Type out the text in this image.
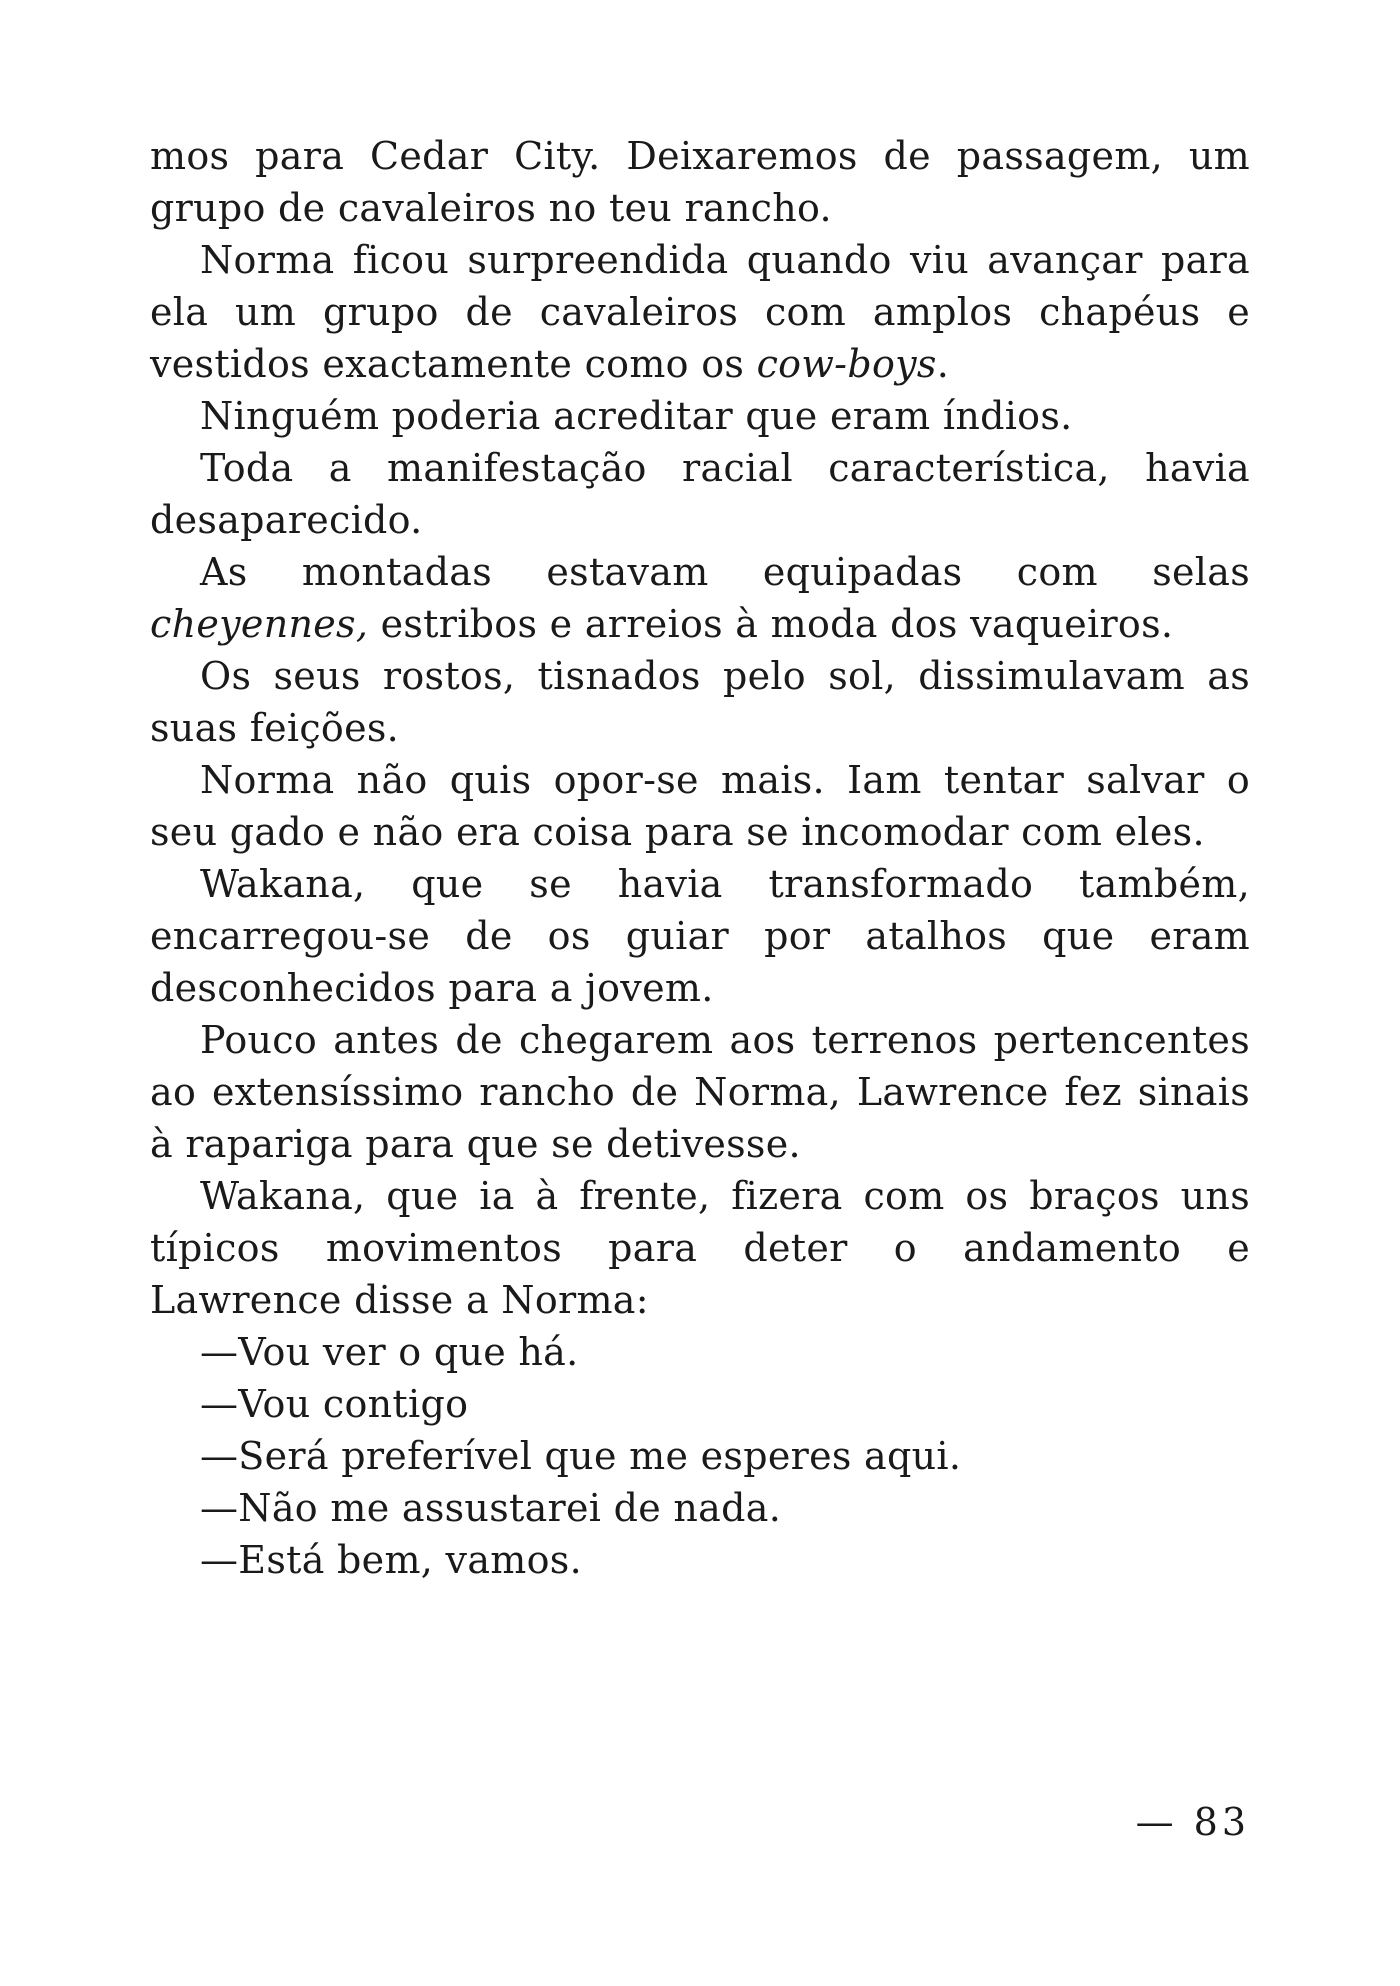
mos para Cedar City. Deixaremos de passagem, um grupo de cavaleiros no teu rancho.

Norma ficou surpreendida quando viu avançar para ela um grupo de cavaleiros com amplos chapéus e vestidos exactamente como os cow-boys.

Ninguém poderia acreditar que eram índios.

Toda a manifestação racial característica, havia desaparecido.

As montadas estavam equipadas com selas cheyennes, estribos e arreios à moda dos vaqueiros.

Os seus rostos, tisnados pelo sol, dissimulavam as suas feições.

Norma não quis opor-se mais. Iam tentar salvar o seu gado e não era coisa para se incomodar com eles.

Wakana, que se havia transformado também, encarregou-se de os guiar por atalhos que eram desconhecidos para a jovem.

Pouco antes de chegarem aos terrenos pertencentes ao extensíssimo rancho de Norma, Lawrence fez sinais à rapariga para que se detivesse.

Wakana, que ia à frente, fizera com os braços uns típicos movimentos para deter o andamento e Lawrence disse a Norma:

—Vou ver o que há.

—Vou contigo

—Será preferível que me esperes aqui.

—Não me assustarei de nada.

—Está bem, vamos.

— 83
